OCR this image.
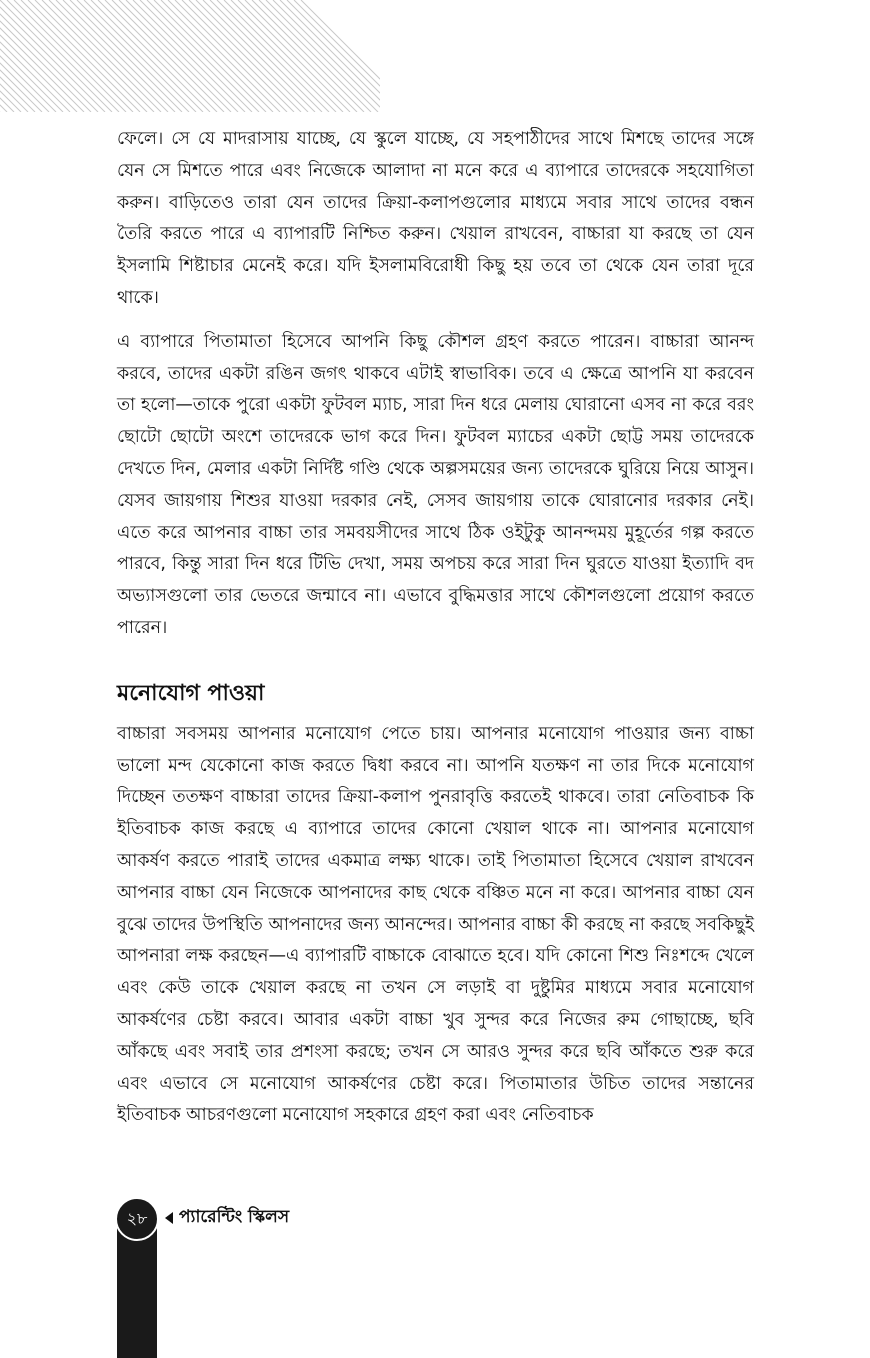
ফেলে। সে যে মাদরাসায় যাচ্ছে, যে স্কুলে যাচ্ছে, যে সহপাঠীদের সাথে মিশছে তাদের সঙ্গে যেন সে মিশতে পারে এবং নিজেকে আলাদা না মনে করে এ ব্যাপারে তাদেরকে সহযোগিতা করুন। বাড়িতেও তারা যেন তাদের ক্রিয়া-কলাপগুলোর মাধ্যমে সবার সাথে তাদের বন্ধন তৈরি করতে পারে এ ব্যাপারটি নিশ্চিত করুন। খেয়াল রাখবেন, বাচ্চারা যা করছে তা যেন ইসলামি শিষ্টাচার মেনেই করে। যদি ইসলামবিরোধী কিছু হয় তবে তা থেকে যেন তারা দূরে থাকে।

এ ব্যাপারে পিতামাতা হিসেবে আপনি কিছু কৌশল গ্রহণ করতে পারেন। বাচ্চারা আনন্দ করবে, তাদের একটা রঙিন জগৎ থাকবে এটাই স্বাভাবিক। তবে এ ক্ষেত্রে আপনি যা করবেন তা হলো—তাকে পুরো একটা ফুটবল ম্যাচ, সারা দিন ধরে মেলায় ঘোরানো এসব না করে বরং ছোটো ছোটো অংশে তাদেরকে ভাগ করে দিন। ফুটবল ম্যাচের একটা ছোট্ট সময় তাদেরকে দেখতে দিন, মেলার একটা নির্দিষ্ট গণ্ডি থেকে অল্পসময়ের জন্য তাদেরকে ঘুরিয়ে নিয়ে আসুন। যেসব জায়গায় শিশুর যাওয়া দরকার নেই, সেসব জায়গায় তাকে ঘোরানোর দরকার নেই। এতে করে আপনার বাচ্চা তার সমবয়সীদের সাথে ঠিক ওইটুকু আনন্দময় মুহূর্তের গল্প করতে পারবে, কিন্তু সারা দিন ধরে টিভি দেখা, সময় অপচয় করে সারা দিন ঘুরতে যাওয়া ইত্যাদি বদ অভ্যাসগুলো তার ভেতরে জন্মাবে না। এভাবে বুদ্ধিমত্তার সাথে কৌশলগুলো প্রয়োগ করতে পারেন।

মনোযোগ পাওয়া

বাচ্চারা সবসময় আপনার মনোযোগ পেতে চায়। আপনার মনোযোগ পাওয়ার জন্য বাচ্চা ভালো মন্দ যেকোনো কাজ করতে দ্বিধা করবে না। আপনি যতক্ষণ না তার দিকে মনোযোগ দিচ্ছেন ততক্ষণ বাচ্চারা তাদের ক্রিয়া-কলাপ পুনরাবৃত্তি করতেই থাকবে। তারা নেতিবাচক কি ইতিবাচক কাজ করছে এ ব্যাপারে তাদের কোনো খেয়াল থাকে না। আপনার মনোযোগ আকর্ষণ করতে পারাই তাদের একমাত্র লক্ষ্য থাকে। তাই পিতামাতা হিসেবে খেয়াল রাখবেন আপনার বাচ্চা যেন নিজেকে আপনাদের কাছ থেকে বঞ্চিত মনে না করে। আপনার বাচ্চা যেন বুঝে তাদের উপস্থিতি আপনাদের জন্য আনন্দের। আপনার বাচ্চা কী করছে না করছে সবকিছুই আপনারা লক্ষ করছেন—এ ব্যাপারটি বাচ্চাকে বোঝাতে হবে। যদি কোনো শিশু নিঃশব্দে খেলে এবং কেউ তাকে খেয়াল করছে না তখন সে লড়াই বা দুষ্টুমির মাধ্যমে সবার মনোযোগ আকর্ষণের চেষ্টা করবে। আবার একটা বাচ্চা খুব সুন্দর করে নিজের রুম গোছাচ্ছে, ছবি আঁকছে এবং সবাই তার প্রশংসা করছে; তখন সে আরও সুন্দর করে ছবি আঁকতে শুরু করে এবং এভাবে সে মনোযোগ আকর্ষণের চেষ্টা করে। পিতামাতার উচিত তাদের সন্তানের ইতিবাচক আচরণগুলো মনোযোগ সহকারে গ্রহণ করা এবং নেতিবাচক

২৮	প্যারেন্টিং স্কিলস
